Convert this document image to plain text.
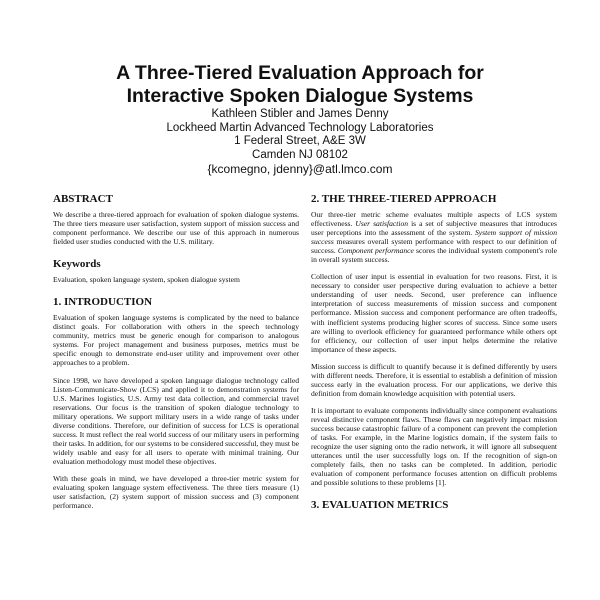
A Three-Tiered Evaluation Approach for
Interactive Spoken Dialogue Systems
Kathleen Stibler and James Denny
Lockheed Martin Advanced Technology Laboratories
1 Federal Street, A&E 3W
Camden NJ 08102
{kcomegno, jdenny}@atl.lmco.com
ABSTRACT

We describe a three-tiered approach for evaluation of spoken dialogue systems. The three tiers measure user satisfaction, system support of mission success and component performance. We describe our use of this approach in numerous fielded user studies conducted with the U.S. military.

Keywords

Evaluation, spoken language system, spoken dialogue system

1. INTRODUCTION

Evaluation of spoken language systems is complicated by the need to balance distinct goals. For collaboration with others in the speech technology community, metrics must be generic enough for comparison to analogous systems. For project management and business purposes, metrics must be specific enough to demonstrate end-user utility and improvement over other approaches to a problem.

Since 1998, we have developed a spoken language dialogue technology called Listen-Communicate-Show (LCS) and applied it to demonstration systems for U.S. Marines logistics, U.S. Army test data collection, and commercial travel reservations. Our focus is the transition of spoken dialogue technology to military operations. We support military users in a wide range of tasks under diverse conditions. Therefore, our definition of success for LCS is operational success. It must reflect the real world success of our military users in performing their tasks. In addition, for our systems to be considered successful, they must be widely usable and easy for all users to operate with minimal training. Our evaluation methodology must model these objectives.

With these goals in mind, we have developed a three-tier metric system for evaluating spoken language system effectiveness. The three tiers measure (1) user satisfaction, (2) system support of mission success and (3) component performance.

2. THE THREE-TIERED APPROACH

Our three-tier metric scheme evaluates multiple aspects of LCS system effectiveness. User satisfaction is a set of subjective measures that introduces user perceptions into the assessment of the system. System support of mission success measures overall system performance with respect to our definition of success. Component performance scores the individual system component's role in overall system success.

Collection of user input is essential in evaluation for two reasons. First, it is necessary to consider user perspective during evaluation to achieve a better understanding of user needs. Second, user preference can influence interpretation of success measurements of mission success and component performance. Mission success and component performance are often tradeoffs, with inefficient systems producing higher scores of success. Since some users are willing to overlook efficiency for guaranteed performance while others opt for efficiency, our collection of user input helps determine the relative importance of these aspects.

Mission success is difficult to quantify because it is defined differently by users with different needs. Therefore, it is essential to establish a definition of mission success early in the evaluation process. For our applications, we derive this definition from domain knowledge acquisition with potential users.

It is important to evaluate components individually since component evaluations reveal distinctive component flaws. These flaws can negatively impact mission success because catastrophic failure of a component can prevent the completion of tasks. For example, in the Marine logistics domain, if the system fails to recognize the user signing onto the radio network, it will ignore all subsequent utterances until the user successfully logs on. If the recognition of sign-on completely fails, then no tasks can be completed. In addition, periodic evaluation of component performance focuses attention on difficult problems and possible solutions to these problems [1].

3. EVALUATION METRICS
